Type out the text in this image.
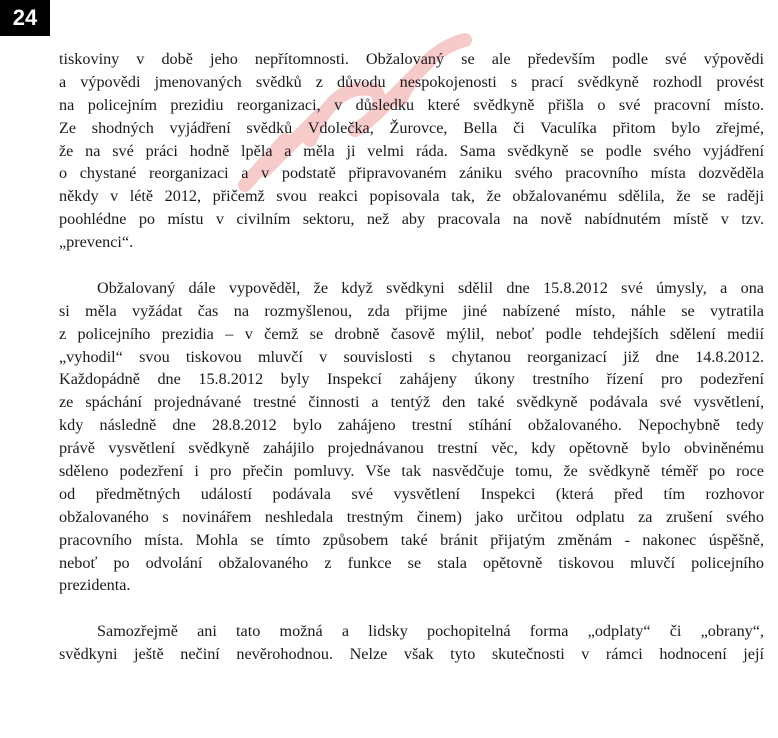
24
tiskoviny v době jeho nepřítomnosti. Obžalovaný se ale především podle své výpovědi
a výpovědi jmenovaných svědků z důvodu nespokojenosti s prací svědkyně rozhodl provést
na policejním prezidiu reorganizaci, v důsledku které svědkyně přišla o své pracovní místo.
Ze shodných vyjádření svědků Vdolečka, Žurovce, Bella či Vaculíka přitom bylo zřejmé,
že na své práci hodně lpěla a měla ji velmi ráda. Sama svědkyně se podle svého vyjádření
o chystané reorganizaci a v podstatě připravovaném zániku svého pracovního místa dozvěděla
někdy v létě 2012, přičemž svou reakci popisovala tak, že obžalovanému sdělila, že se raději
poohlédne po místu v civilním sektoru, než aby pracovala na nově nabídnutém místě v tzv.
„prevenci“.
Obžalovaný dále vypověděl, že když svědkyni sdělil dne 15.8.2012 své úmysly, a ona
si měla vyžádat čas na rozmyšlenou, zda přijme jiné nabízené místo, náhle se vytratila
z policejního prezidia – v čemž se drobně časově mýlil, neboť podle tehdejších sdělení medií
„vyhodil“ svou tiskovou mluvčí v souvislosti s chytanou reorganizací již dne 14.8.2012.
Každopádně dne 15.8.2012 byly Inspekcí zahájeny úkony trestního řízení pro podezření
ze spáchání projednávané trestné činnosti a tentýž den také svědkyně podávala své vysvětlení,
kdy následně dne 28.8.2012 bylo zahájeno trestní stíhání obžalovaného. Nepochybně tedy
právě vysvětlení svědkyně zahájilo projednávanou trestní věc, kdy opětovně bylo obviněnému
sděleno podezření i pro přečin pomluvy. Vše tak nasvědčuje tomu, že svědkyně téměř po roce
od předmětných událostí podávala své vysvětlení Inspekci (která před tím rozhovor
obžalovaného s novinářem neshledala trestným činem) jako určitou odplatu za zrušení svého
pracovního místa. Mohla se tímto způsobem také bránit přijatým změnám - nakonec úspěšně,
neboť po odvolání obžalovaného z funkce se stala opětovně tiskovou mluvčí policejního
prezidenta.
Samozřejmě ani tato možná a lidsky pochopitelná forma „odplaty“ či „obrany“,
svědkyni ještě nečiní nevěrohodnou. Nelze však tyto skutečnosti v rámci hodnocení její
